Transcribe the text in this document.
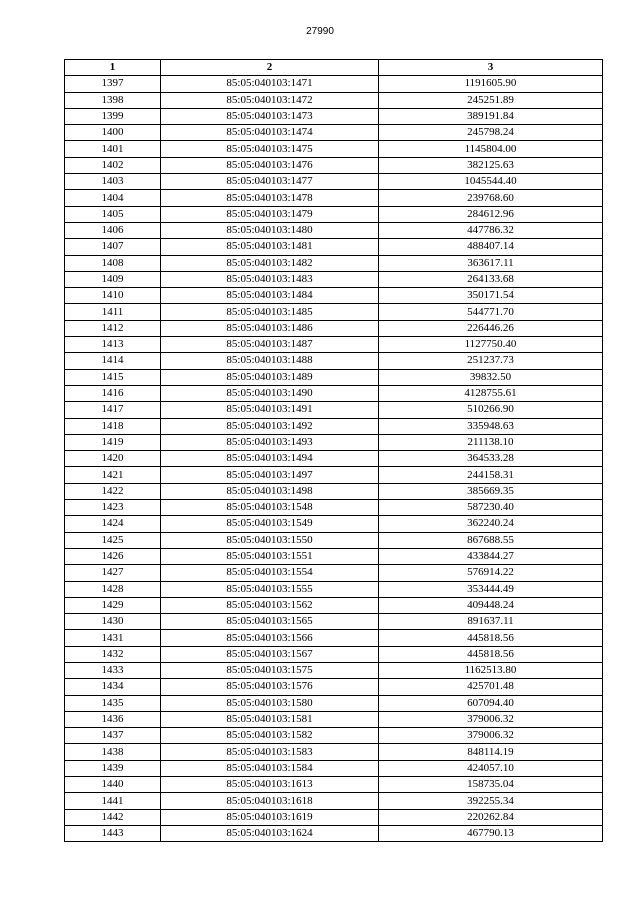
27990
1	2	3
1397	85:05:040103:1471	1191605.90
1398	85:05:040103:1472	245251.89
1399	85:05:040103:1473	389191.84
1400	85:05:040103:1474	245798.24
1401	85:05:040103:1475	1145804.00
1402	85:05:040103:1476	382125.63
1403	85:05:040103:1477	1045544.40
1404	85:05:040103:1478	239768.60
1405	85:05:040103:1479	284612.96
1406	85:05:040103:1480	447786.32
1407	85:05:040103:1481	488407.14
1408	85:05:040103:1482	363617.11
1409	85:05:040103:1483	264133.68
1410	85:05:040103:1484	350171.54
1411	85:05:040103:1485	544771.70
1412	85:05:040103:1486	226446.26
1413	85:05:040103:1487	1127750.40
1414	85:05:040103:1488	251237.73
1415	85:05:040103:1489	39832.50
1416	85:05:040103:1490	4128755.61
1417	85:05:040103:1491	510266.90
1418	85:05:040103:1492	335948.63
1419	85:05:040103:1493	211138.10
1420	85:05:040103:1494	364533.28
1421	85:05:040103:1497	244158.31
1422	85:05:040103:1498	385669.35
1423	85:05:040103:1548	587230.40
1424	85:05:040103:1549	362240.24
1425	85:05:040103:1550	867688.55
1426	85:05:040103:1551	433844.27
1427	85:05:040103:1554	576914.22
1428	85:05:040103:1555	353444.49
1429	85:05:040103:1562	409448.24
1430	85:05:040103:1565	891637.11
1431	85:05:040103:1566	445818.56
1432	85:05:040103:1567	445818.56
1433	85:05:040103:1575	1162513.80
1434	85:05:040103:1576	425701.48
1435	85:05:040103:1580	607094.40
1436	85:05:040103:1581	379006.32
1437	85:05:040103:1582	379006.32
1438	85:05:040103:1583	848114.19
1439	85:05:040103:1584	424057.10
1440	85:05:040103:1613	158735.04
1441	85:05:040103:1618	392255.34
1442	85:05:040103:1619	220262.84
1443	85:05:040103:1624	467790.13
